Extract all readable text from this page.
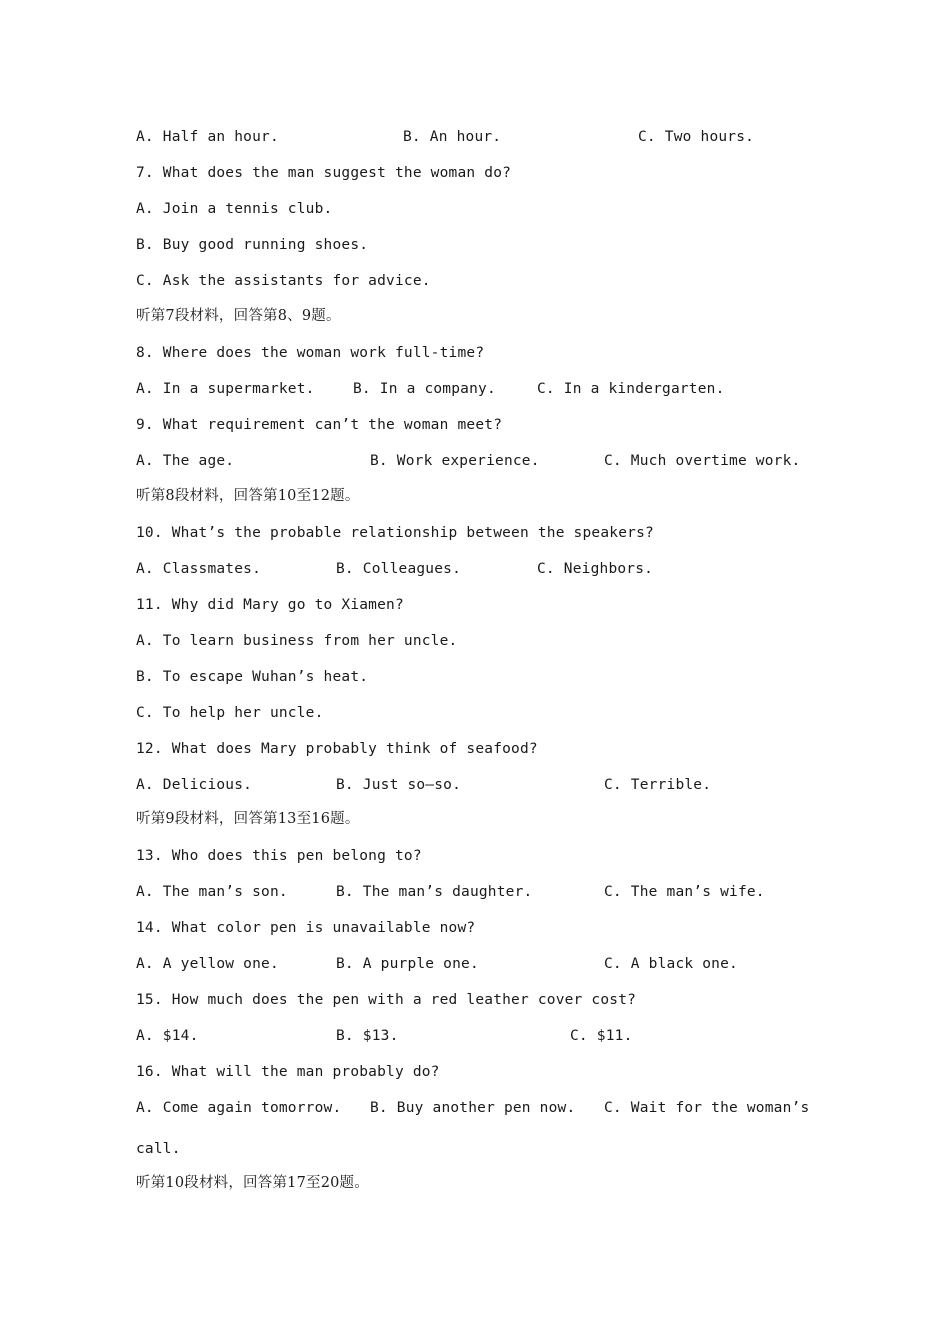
A. Half an hour.	B. An hour.	C. Two hours.
7. What does the man suggest the woman do?
A. Join a tennis club.
B. Buy good running shoes.
C. Ask the assistants for advice.
听第7段材料，回答第8、9题。
8. Where does the woman work full-time?
A. In a supermarket.	B. In a company.	C. In a kindergarten.
9. What requirement can’t the woman meet?
A. The age.	B. Work experience.	C. Much overtime work.
听第8段材料，回答第10至12题。
10. What’s the probable relationship between the speakers?
A. Classmates.	B. Colleagues.	C. Neighbors.
11. Why did Mary go to Xiamen?
A. To learn business from her uncle.
B. To escape Wuhan’s heat.
C. To help her uncle.
12. What does Mary probably think of seafood?
A. Delicious.	B. Just so—so.	C. Terrible.
听第9段材料，回答第13至16题。
13. Who does this pen belong to?
A. The man’s son.	B. The man’s daughter.	C. The man’s wife.
14. What color pen is unavailable now?
A. A yellow one.	B. A purple one.	C. A black one.
15. How much does the pen with a red leather cover cost?
A. $14.	B. $13.	C. $11.
16. What will the man probably do?
A. Come again tomorrow. B. Buy another pen now. C. Wait for the woman’s
call.
听第10段材料，回答第17至20题。
